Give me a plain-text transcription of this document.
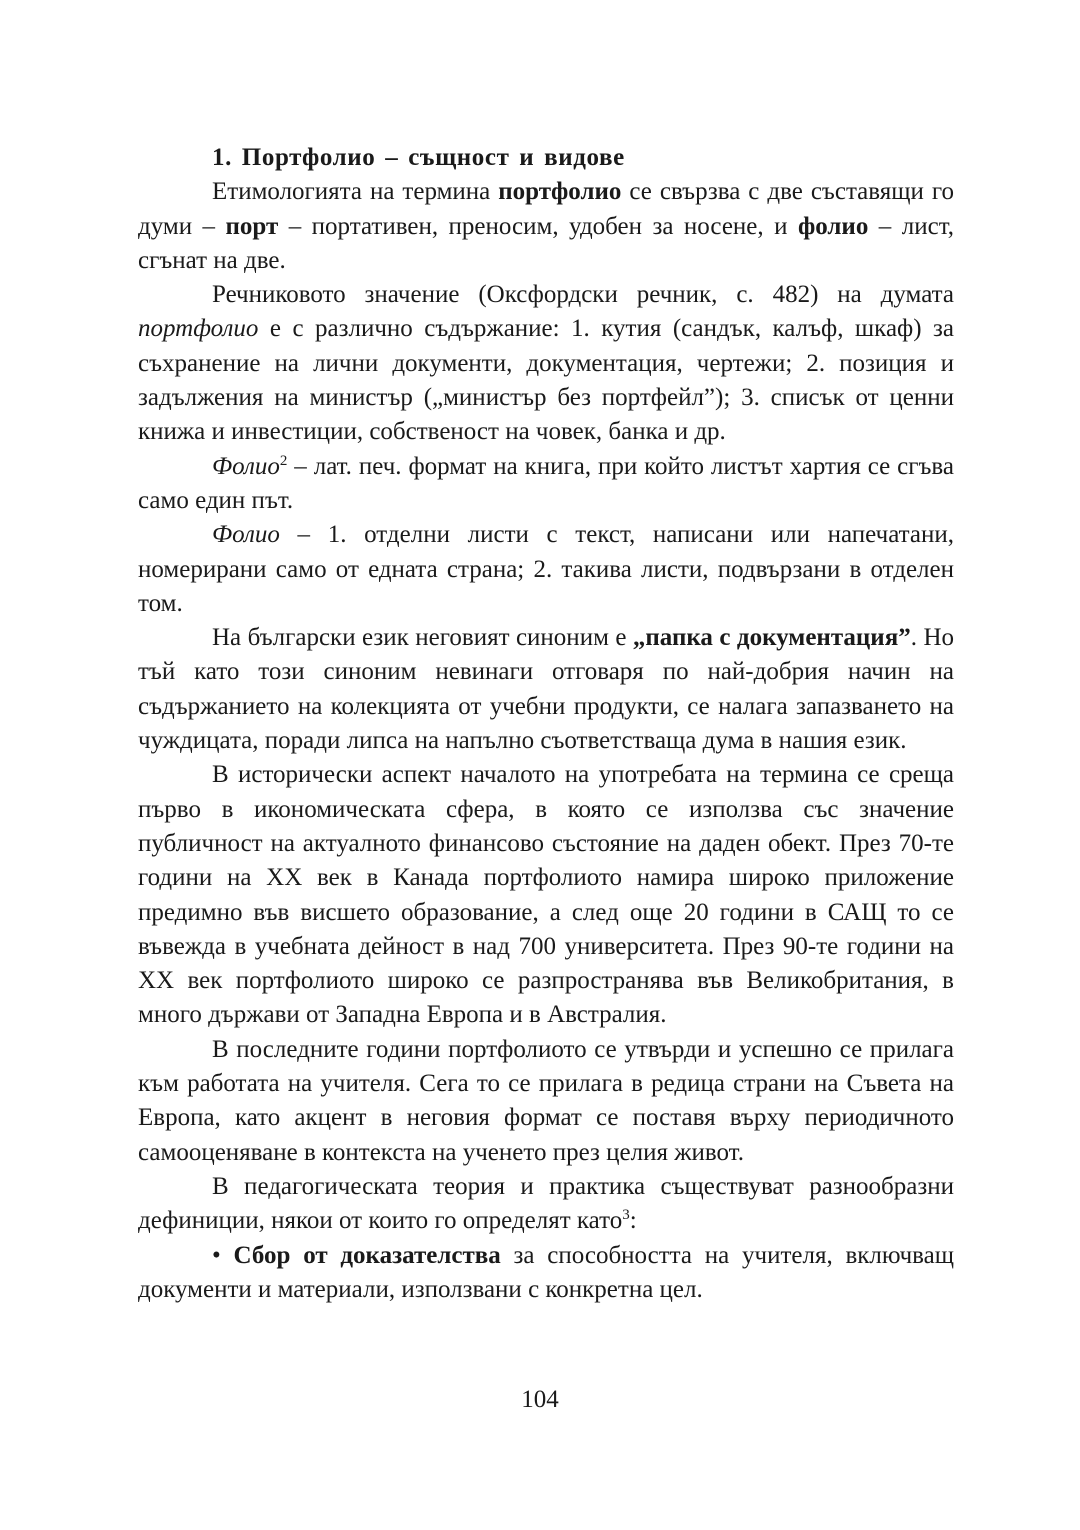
1. Портфолио – същност и видове

Етимологията на термина портфолио се свързва с две съставящи го думи – порт – портативен, преносим, удобен за носене, и фолио – лист, сгънат на две.

Речниковото значение (Оксфордски речник, с. 482) на думата портфолио е с различно съдържание: 1. кутия (сандък, калъф, шкаф) за съхранение на лични документи, документация, чертежи; 2. позиция и задължения на министър („министър без портфейл”); 3. списък от ценни книжа и инвестиции, собственост на човек, банка и др.

Фолио$^2$ – лат. печ. формат на книга, при който листът хартия се сгъва само един път.

Фолио – 1. отделни листи с текст, написани или напечатани, номерирани само от едната страна; 2. такива листи, подвързани в отделен том.

На български език неговият синоним е „папка с документация”. Но тъй като този синоним невинаги отговаря по най-добрия начин на съдържанието на колекцията от учебни продукти, се налага запазването на чуждицата, поради липса на напълно съответстваща дума в нашия език.

В исторически аспект началото на употребата на термина се среща първо в икономическата сфера, в която се използва със значение публичност на актуалното финансово състояние на даден обект. През 70-те години на XX век в Канада портфолиото намира широко приложение предимно във висшето образование, а след още 20 години в САЩ то се въвежда в учебната дейност в над 700 университета. През 90-те години на XX век портфолиото широко се разпространява във Великобритания, в много държави от Западна Европа и в Австралия.

В последните години портфолиото се утвърди и успешно се прилага към работата на учителя. Сега то се прилага в редица страни на Съвета на Европа, като акцент в неговия формат се поставя върху периодичното самооценяване в контекста на ученето през целия живот.

В педагогическата теория и практика съществуват разнообразни дефиниции, някои от които го определят като$^3$:

• Сбор от доказателства за способността на учителя, включващ документи и материали, използвани с конкретна цел.

104
